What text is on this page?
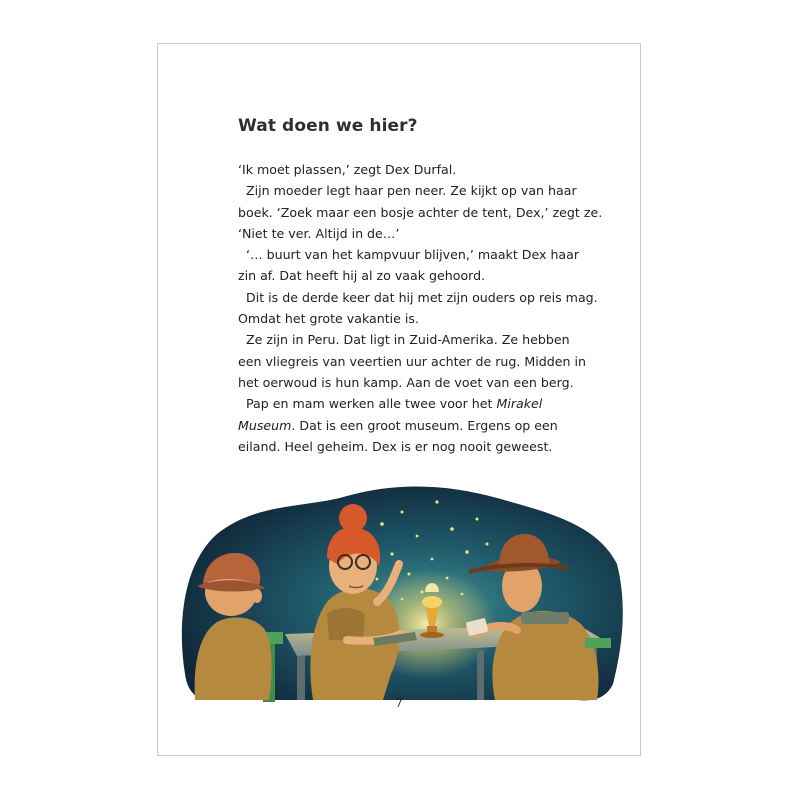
Wat doen we hier?
‘Ik moet plassen,’ zegt Dex Durfal.
Zijn moeder legt haar pen neer. Ze kijkt op van haar
boek. ‘Zoek maar een bosje achter de tent, Dex,’ zegt ze.
‘Niet te ver. Altijd in de…’
‘… buurt van het kampvuur blijven,’ maakt Dex haar
zin af. Dat heeft hij al zo vaak gehoord.
Dit is de derde keer dat hij met zijn ouders op reis mag.
Omdat het grote vakantie is.
Ze zijn in Peru. Dat ligt in Zuid-Amerika. Ze hebben
een vliegreis van veertien uur achter de rug. Midden in
het oerwoud is hun kamp. Aan de voet van een berg.
Pap en mam werken alle twee voor het Mirakel
Museum. Dat is een groot museum. Ergens op een
eiland. Heel geheim. Dex is er nog nooit geweest.
7
